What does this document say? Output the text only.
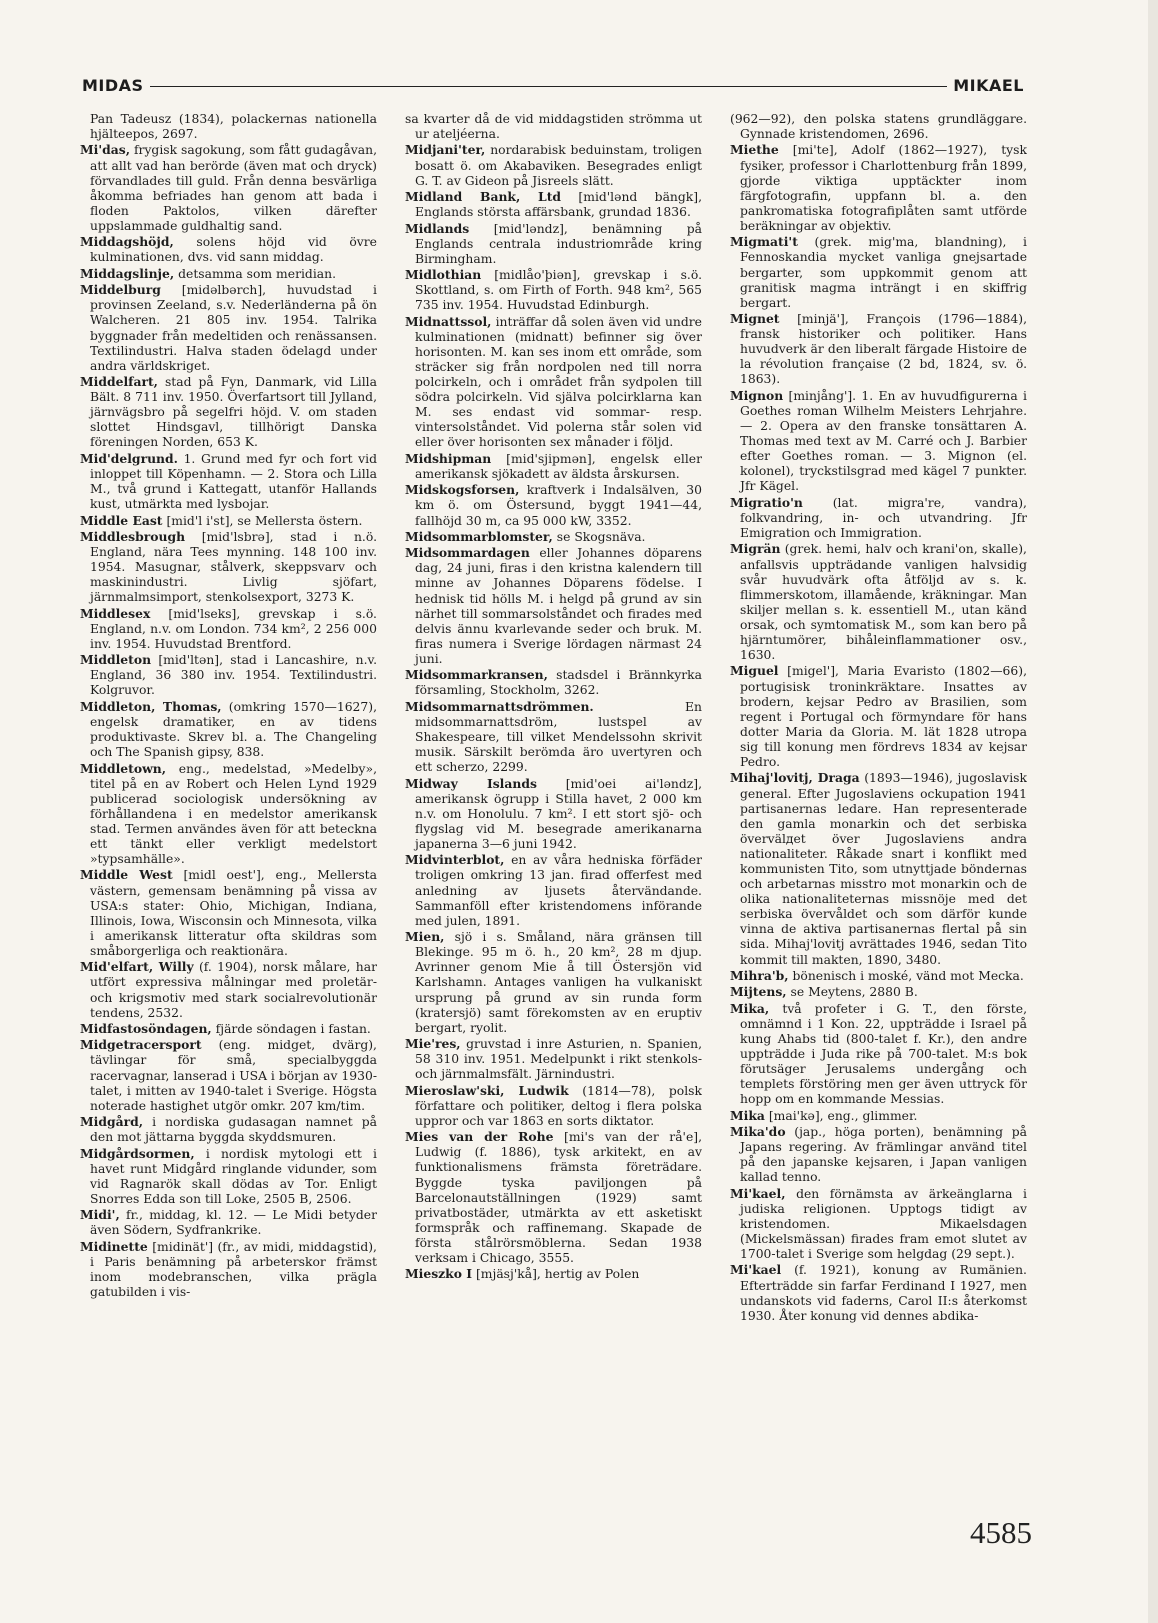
MIDAS	MIKAEL

Pan Tadeusz (1834), polackernas nationella hjälteepos, 2697.

Mi'das, frygisk sagokung, som fått gudagåvan, att allt vad han berörde (även mat och dryck) förvandlades till guld. Från denna besvärliga åkomma befriades han genom att bada i floden Paktolos, vilken därefter uppslammade guldhaltig sand.

Middagshöjd, solens höjd vid övre kulminationen, dvs. vid sann middag.

Middagslinje, detsamma som meridian.

Middelburg [midəlbərch], huvudstad i provinsen Zeeland, s.v. Nederländerna på ön Walcheren. 21 805 inv. 1954. Talrika byggnader från medeltiden och renässansen. Textilindustri. Halva staden ödelagd under andra världskriget.

Middelfart, stad på Fyn, Danmark, vid Lilla Bält. 8 711 inv. 1950. Överfartsort till Jylland, järnvägsbro på segelfri höjd. V. om staden slottet Hindsgavl, tillhörigt Danska föreningen Norden, 653 K.

Mid'delgrund. 1. Grund med fyr och fort vid inloppet till Köpenhamn. — 2. Stora och Lilla M., två grund i Kattegatt, utanför Hallands kust, utmärkta med lysbojar.

Middle East [mid'l i'st], se Mellersta östern.

Middlesbrough [mid'lsbrə], stad i n.ö. England, nära Tees mynning. 148 100 inv. 1954. Masugnar, stålverk, skeppsvarv och maskinindustri. Livlig sjöfart, järnmalmsimport, stenkolsexport, 3273 K.

Middlesex [mid'lseks], grevskap i s.ö. England, n.v. om London. 734 km², 2 256 000 inv. 1954. Huvudstad Brentford.

Middleton [mid'ltən], stad i Lancashire, n.v. England, 36 380 inv. 1954. Textilindustri. Kolgruvor.

Middleton, Thomas, (omkring 1570—1627), engelsk dramatiker, en av tidens produktivaste. Skrev bl. a. The Changeling och The Spanish gipsy, 838.

Middletown, eng., medelstad, »Medelby», titel på en av Robert och Helen Lynd 1929 publicerad sociologisk undersökning av förhållandena i en medelstor amerikansk stad. Termen användes även för att beteckna ett tänkt eller verkligt medelstort »typsamhälle».

Middle West [midl oest'], eng., Mellersta västern, gemensam benämning på vissa av USA:s stater: Ohio, Michigan, Indiana, Illinois, Iowa, Wisconsin och Minnesota, vilka i amerikansk litteratur ofta skildras som småborgerliga och reaktionära.

Mid'elfart, Willy (f. 1904), norsk målare, har utfört expressiva målningar med proletär- och krigsmotiv med stark socialrevolutionär tendens, 2532.

Midfastosöndagen, fjärde söndagen i fastan.

Midgetracersport (eng. midget, dvärg), tävlingar för små, specialbyggda racervagnar, lanserad i USA i början av 1930-talet, i mitten av 1940-talet i Sverige. Högsta noterade hastighet utgör omkr. 207 km/tim.

Midgård, i nordiska gudasagan namnet på den mot jättarna byggda skyddsmuren.

Midgårdsormen, i nordisk mytologi ett i havet runt Midgård ringlande vidunder, som vid Ragnarök skall dödas av Tor. Enligt Snorres Edda son till Loke, 2505 B, 2506.

Midi', fr., middag, kl. 12. — Le Midi betyder även Södern, Sydfrankrike.

Midinette [midinät'] (fr., av midi, middagstid), i Paris benämning på arbeterskor främst inom modebranschen, vilka prägla gatubilden i vis-

sa kvarter då de vid middagstiden strömma ut ur ateljéerna.

Midjani'ter, nordarabisk beduinstam, troligen bosatt ö. om Akabaviken. Besegrades enligt G. T. av Gideon på Jisreels slätt.

Midland Bank, Ltd [mid'lənd bängk], Englands största affärsbank, grundad 1836.

Midlands [mid'ləndz], benämning på Englands centrala industriområde kring Birmingham.

Midlothian [midlåo'þiən], grevskap i s.ö. Skottland, s. om Firth of Forth. 948 km², 565 735 inv. 1954. Huvudstad Edinburgh.

Midnattssol, inträffar då solen även vid undre kulminationen (midnatt) befinner sig över horisonten. M. kan ses inom ett område, som sträcker sig från nordpolen ned till norra polcirkeln, och i området från sydpolen till södra polcirkeln. Vid själva polcirklarna kan M. ses endast vid sommar- resp. vintersolståndet. Vid polerna står solen vid eller över horisonten sex månader i följd.

Midshipman [mid'sjipmən], engelsk eller amerikansk sjökadett av äldsta årskursen.

Midskogsforsen, kraftverk i Indalsälven, 30 km ö. om Östersund, byggt 1941—44, fallhöjd 30 m, ca 95 000 kW, 3352.

Midsommarblomster, se Skogsnäva.

Midsommardagen eller Johannes döparens dag, 24 juni, firas i den kristna kalendern till minne av Johannes Döparens födelse. I hednisk tid hölls M. i helgd på grund av sin närhet till sommarsolståndet och firades med delvis ännu kvarlevande seder och bruk. M. firas numera i Sverige lördagen närmast 24 juni.

Midsommarkransen, stadsdel i Brännkyrka församling, Stockholm, 3262.

Midsommarnattsdrömmen.	En midsommarnattsdröm, lustspel av Shakespeare, till vilket Mendelssohn skrivit musik. Särskilt berömda äro uvertyren och ett scherzo, 2299.

Midway Islands [mid'oei ai'ləndz], amerikansk ögrupp i Stilla havet, 2 000 km n.v. om Honolulu. 7 km². I ett stort sjö- och flygslag vid M. besegrade amerikanarna japanerna 3—6 juni 1942.

Midvinterblot, en av våra hedniska förfäder troligen omkring 13 jan. firad offerfest med anledning av ljusets återvändande. Sammanföll efter kristendomens införande med julen, 1891.

Mien, sjö i s. Småland, nära gränsen till Blekinge. 95 m ö. h., 20 km², 28 m djup. Avrinner genom Mie å till Östersjön vid Karlshamn. Antages vanligen ha vulkaniskt ursprung på grund av sin runda form (kratersjö) samt förekomsten av en eruptiv bergart, ryolit.

Mie'res, gruvstad i inre Asturien, n. Spanien, 58 310 inv. 1951. Medelpunkt i rikt stenkols- och järnmalmsfält. Järnindustri.

Mieroslaw'ski, Ludwik (1814—78), polsk författare och politiker, deltog i flera polska uppror och var 1863 en sorts diktator.

Mies van der Rohe [mi's van der rå'e], Ludwig (f. 1886), tysk arkitekt, en av funktionalismens främsta företrädare. Byggde tyska paviljongen på Barcelonautställningen (1929) samt privatbostäder, utmärkta av ett asketiskt formspråk och raffinemang. Skapade de första stålrörsmöblerna. Sedan 1938 verksam i Chicago, 3555.

Mieszko I [mjäsj'kå], hertig av Polen

(962—92), den polska statens grundläggare. Gynnade kristendomen, 2696.

Miethe [mi'te], Adolf (1862—1927), tysk fysiker, professor i Charlottenburg från 1899, gjorde viktiga upptäckter inom färgfotografin, uppfann bl. a. den pankromatiska fotografiplåten samt utförde beräkningar av objektiv.

Migmati't (grek. mig'ma, blandning), i Fennoskandia mycket vanliga gnejsartade bergarter, som uppkommit genom att granitisk magma inträngt i en skiffrig bergart.

Mignet [minjä'], François (1796—1884), fransk historiker och politiker. Hans huvudverk är den liberalt färgade Histoire de la révolution française (2 bd, 1824, sv. ö. 1863).

Mignon [minjång']. 1. En av huvudfigurerna i Goethes roman Wilhelm Meisters Lehrjahre. — 2. Opera av den franske tonsättaren A. Thomas med text av M. Carré och J. Barbier efter Goethes roman. — 3. Mignon (el. kolonel), tryckstilsgrad med kägel 7 punkter. Jfr Kägel.

Migratio'n (lat. migra're, vandra), folkvandring, in- och utvandring. Jfr Emigration och Immigration.

Migrän (grek. hemi, halv och krani'on, skalle), anfallsvis uppträdande vanligen halvsidig svår huvudvärk ofta åtföljd av s. k. flimmerskotom, illamående, kräkningar. Man skiljer mellan s. k. essentiell M., utan känd orsak, och symtomatisk M., som kan bero på hjärntumörer, bihåleinflammationer osv., 1630.

Miguel [migel'], Maria Evaristo (1802—66), portugisisk troninkräktare. Insattes av brodern, kejsar Pedro av Brasilien, som regent i Portugal och förmyndare för hans dotter Maria da Gloria. M. lät 1828 utropa sig till konung men fördrevs 1834 av kejsar Pedro.

Mihaj'lovitj, Draga (1893—1946), jugoslavisk general. Efter Jugoslaviens ockupation 1941 partisanernas ledare. Han representerade den gamla monarkin och det serbiska övervälдet över Jugoslaviens andra nationaliteter. Råkade snart i konflikt med kommunisten Tito, som utnyttjade böndernas och arbetarnas misstro mot monarkin och de olika nationaliteternas missnöje med det serbiska övervåldet och som därför kunde vinna de aktiva partisanernas flertal på sin sida. Mihaj'lovitj avrättades 1946, sedan Tito kommit till makten, 1890, 3480.

Mihra'b, bönenisch i moské, vänd mot Mecka.

Mijtens, se Meytens, 2880 B.

Mika, två profeter i G. T., den förste, omnämnd i 1 Kon. 22, uppträdde i Israel på kung Ahabs tid (800-talet f. Kr.), den andre uppträdde i Juda rike på 700-talet. M:s bok förutsäger Jerusalems undergång och templets förstöring men ger även uttryck för hopp om en kommande Messias.

Mika [mai'kə], eng., glimmer.

Mika'do (jap., höga porten), benämning på Japans regering. Av främlingar använd titel på den japanske kejsaren, i Japan vanligen kallad tenno.

Mi'kael, den förnämsta av ärkeänglarna i judiska religionen. Upptogs tidigt av kristendomen. Mikaelsdagen (Mickelsmässan) firades fram emot slutet av 1700-talet i Sverige som helgdag (29 sept.).

Mi'kael (f. 1921), konung av Rumänien. Efterträdde sin farfar Ferdinand I 1927, men undanskots vid faderns, Carol II:s återkomst 1930. Åter konung vid dennes abdika-

4585
